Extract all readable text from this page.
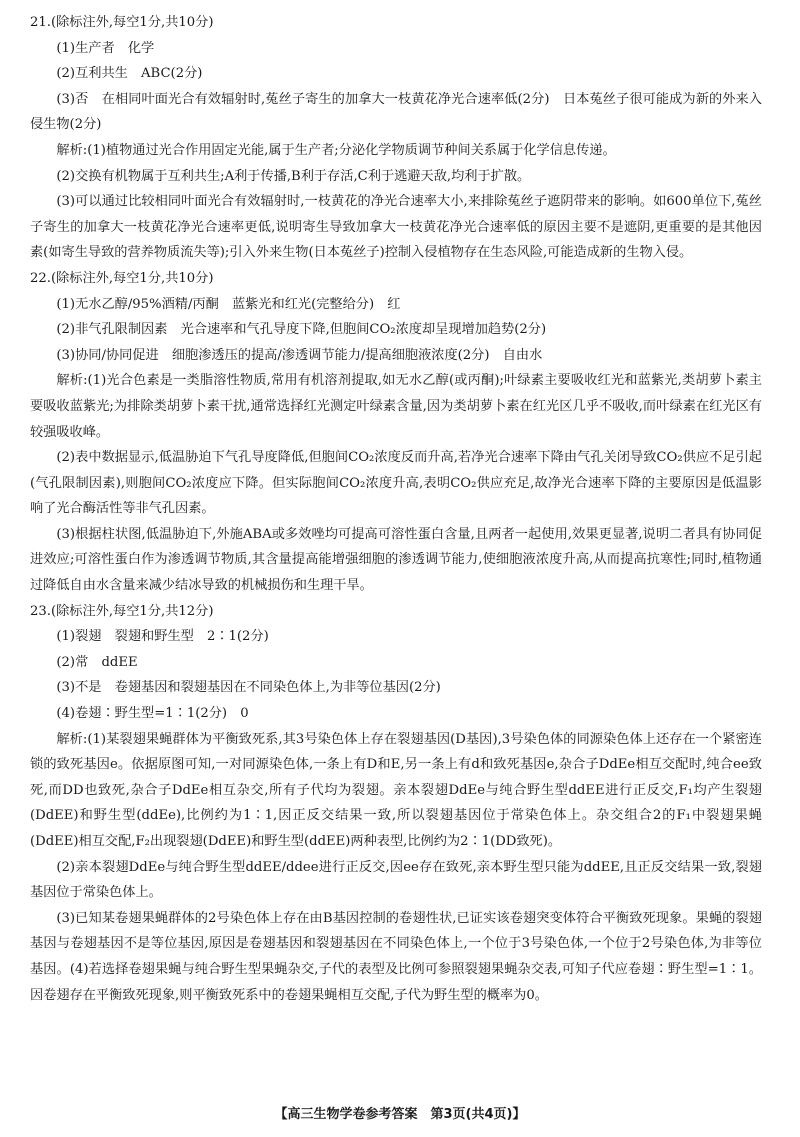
21.(除标注外,每空1分,共10分)
(1)生产者　化学
(2)互利共生　ABC(2分)

(3)否　在相同叶面光合有效辐射时,菟丝子寄生的加拿大一枝黄花净光合速率低(2分)　日本菟丝子很可能成为新的外来入侵生物(2分)

解析:(1)植物通过光合作用固定光能,属于生产者;分泌化学物质调节种间关系属于化学信息传递。

(2)交换有机物属于互利共生;A利于传播,B利于存活,C利于逃避天敌,均利于扩散。

(3)可以通过比较相同叶面光合有效辐射时,一枝黄花的净光合速率大小,来排除菟丝子遮阴带来的影响。如600单位下,菟丝子寄生的加拿大一枝黄花净光合速率更低,说明寄生导致加拿大一枝黄花净光合速率低的原因主要不是遮阴,更重要的是其他因素(如寄生导致的营养物质流失等);引入外来生物(日本菟丝子)控制入侵植物存在生态风险,可能造成新的生物入侵。

22.(除标注外,每空1分,共10分)
(1)无水乙醇/95%酒精/丙酮　蓝紫光和红光(完整给分)　红
(2)非气孔限制因素　光合速率和气孔导度下降,但胞间CO₂浓度却呈现增加趋势(2分)
(3)协同/协同促进　细胞渗透压的提高/渗透调节能力/提高细胞液浓度(2分)　自由水

解析:(1)光合色素是一类脂溶性物质,常用有机溶剂提取,如无水乙醇(或丙酮);叶绿素主要吸收红光和蓝紫光,类胡萝卜素主要吸收蓝紫光;为排除类胡萝卜素干扰,通常选择红光测定叶绿素含量,因为类胡萝卜素在红光区几乎不吸收,而叶绿素在红光区有较强吸收峰。

(2)表中数据显示,低温胁迫下气孔导度降低,但胞间CO₂浓度反而升高,若净光合速率下降由气孔关闭导致CO₂供应不足引起(气孔限制因素),则胞间CO₂浓度应下降。但实际胞间CO₂浓度升高,表明CO₂供应充足,故净光合速率下降的主要原因是低温影响了光合酶活性等非气孔因素。

(3)根据柱状图,低温胁迫下,外施ABA或多效唑均可提高可溶性蛋白含量,且两者一起使用,效果更显著,说明二者具有协同促进效应;可溶性蛋白作为渗透调节物质,其含量提高能增强细胞的渗透调节能力,使细胞液浓度升高,从而提高抗寒性;同时,植物通过降低自由水含量来减少结冰导致的机械损伤和生理干旱。

23.(除标注外,每空1分,共12分)
(1)裂翅　裂翅和野生型　2∶1(2分)
(2)常　ddEE
(3)不是　卷翅基因和裂翅基因在不同染色体上,为非等位基因(2分)
(4)卷翅∶野生型=1∶1(2分)　0

解析:(1)某裂翅果蝇群体为平衡致死系,其3号染色体上存在裂翅基因(D基因),3号染色体的同源染色体上还存在一个紧密连锁的致死基因e。依据原图可知,一对同源染色体,一条上有D和E,另一条上有d和致死基因e,杂合子DdEe相互交配时,纯合ee致死,而DD也致死,杂合子DdEe相互杂交,所有子代均为裂翅。亲本裂翅DdEe与纯合野生型ddEE进行正反交,F₁均产生裂翅(DdEE)和野生型(ddEe),比例约为1∶1,因正反交结果一致,所以裂翅基因位于常染色体上。杂交组合2的F₁中裂翅果蝇(DdEE)相互交配,F₂出现裂翅(DdEE)和野生型(ddEE)两种表型,比例约为2∶1(DD致死)。

(2)亲本裂翅DdEe与纯合野生型ddEE/ddee进行正反交,因ee存在致死,亲本野生型只能为ddEE,且正反交结果一致,裂翅基因位于常染色体上。

(3)已知某卷翅果蝇群体的2号染色体上存在由B基因控制的卷翅性状,已证实该卷翅突变体符合平衡致死现象。果蝇的裂翅基因与卷翅基因不是等位基因,原因是卷翅基因和裂翅基因在不同染色体上,一个位于3号染色体,一个位于2号染色体,为非等位基因。(4)若选择卷翅果蝇与纯合野生型果蝇杂交,子代的表型及比例可参照裂翅果蝇杂交表,可知子代应卷翅∶野生型=1∶1。因卷翅存在平衡致死现象,则平衡致死系中的卷翅果蝇相互交配,子代为野生型的概率为0。

【高三生物学卷参考答案　第3页(共4页)】
